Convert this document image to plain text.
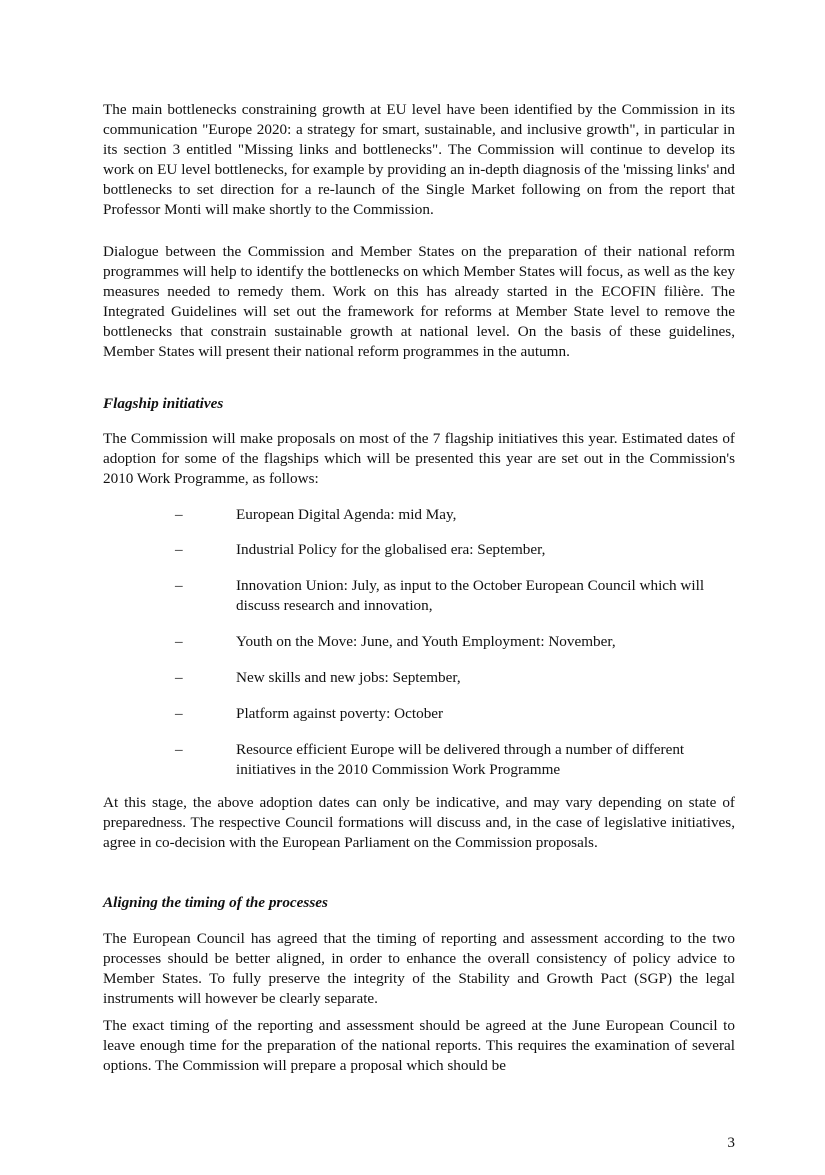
The main bottlenecks constraining growth at EU level have been identified by the Commission in its communication "Europe 2020: a strategy for smart, sustainable, and inclusive growth", in particular in its section 3 entitled "Missing links and bottlenecks". The Commission will continue to develop its work on EU level bottlenecks, for example by providing an in-depth diagnosis of the 'missing links' and bottlenecks to set direction for a re-launch of the Single Market following on from the report that Professor Monti will make shortly to the Commission.

Dialogue between the Commission and Member States on the preparation of their national reform programmes will help to identify the bottlenecks on which Member States will focus, as well as the key measures needed to remedy them. Work on this has already started in the ECOFIN filière. The Integrated Guidelines will set out the framework for reforms at Member State level to remove the bottlenecks that constrain sustainable growth at national level. On the basis of these guidelines, Member States will present their national reform programmes in the autumn.

Flagship initiatives

The Commission will make proposals on most of the 7 flagship initiatives this year. Estimated dates of adoption for some of the flagships which will be presented this year are set out in the Commission's 2010 Work Programme, as follows:

–	European Digital Agenda: mid May,
–	Industrial Policy for the globalised era: September,
–	Innovation Union: July, as input to the October European Council which will discuss research and innovation,
–	Youth on the Move: June, and Youth Employment: November,
–	New skills and new jobs: September,
–	Platform against poverty: October
–	Resource efficient Europe will be delivered through a number of different initiatives in the 2010 Commission Work Programme

At this stage, the above adoption dates can only be indicative, and may vary depending on state of preparedness. The respective Council formations will discuss and, in the case of legislative initiatives, agree in co-decision with the European Parliament on the Commission proposals.

Aligning the timing of the processes

The European Council has agreed that the timing of reporting and assessment according to the two processes should be better aligned, in order to enhance the overall consistency of policy advice to Member States. To fully preserve the integrity of the Stability and Growth Pact (SGP) the legal instruments will however be clearly separate.

The exact timing of the reporting and assessment should be agreed at the June European Council to leave enough time for the preparation of the national reports. This requires the examination of several options. The Commission will prepare a proposal which should be

3
